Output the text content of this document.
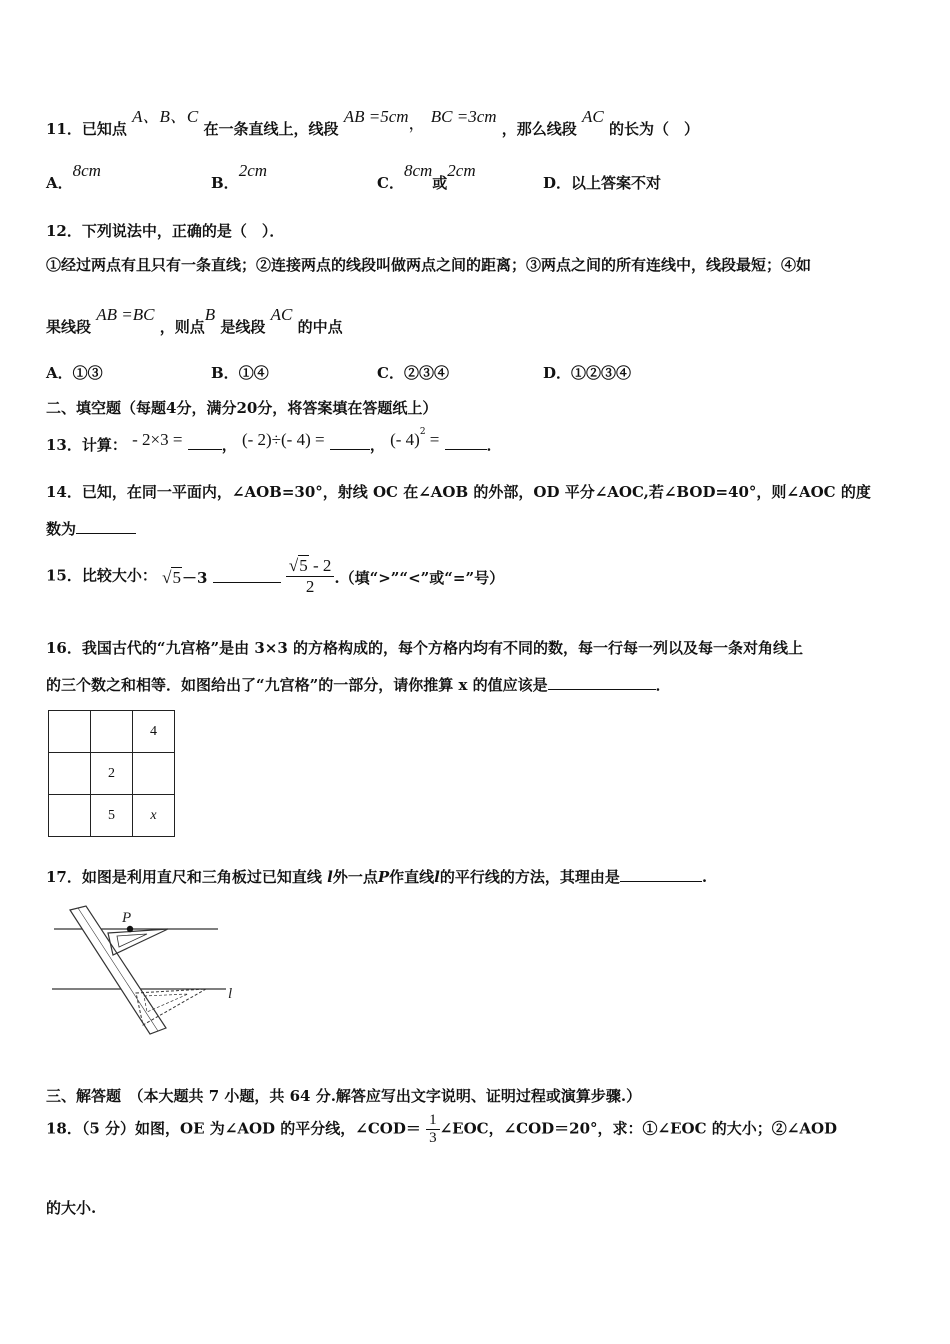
11．已知点 A、B、C 在一条直线上，线段 AB =5cm， BC =3cm ，那么线段 AC 的长为（　）
A．8cm
B．2cm
C．8cm或2cm
D．以上答案不对
12．下列说法中，正确的是（　）．
①经过两点有且只有一条直线；②连接两点的线段叫做两点之间的距离；③两点之间的所有连线中，线段最短；④如
果线段 AB =BC ，则点B 是线段 AC 的中点
A．①③	B．①④	C．②③④	D．①②③④
二、填空题（每题4分，满分20分，将答案填在答题纸上）
13．计算： - 2×3 =	， (- 2)÷(- 4) =	， (- 4)$^2$ =	．
14．已知，在同一平面内，∠AOB=30°，射线 OC 在∠AOB 的外部，OD 平分∠AOC,若∠BOD=40°，则∠AOC 的度
数为
15．比较大小： √5－3	$\frac{√5 - 2}{2}$ .（填“>”“<”或“=”号）
16．我国古代的“九宫格”是由 3×3 的方格构成的，每个方格内均有不同的数，每一行每一列以及每一条对角线上
的三个数之和相等．如图给出了“九宫格”的一部分，请你推算 x 的值应该是	．
		4
	2	
	5	x
17．如图是利用直尺和三角板过已知直线 l外一点P作直线l的平行线的方法，其理由是	.
P
l
三、解答题　（本大题共 7 小题，共 64 分.解答应写出文字说明、证明过程或演算步骤.）
18．（5 分）如图，OE 为∠AOD 的平分线，∠COD＝ $\frac{1}{3}$ ∠EOC，∠COD＝20°，求：①∠EOC 的大小；②∠AOD
的大小.
